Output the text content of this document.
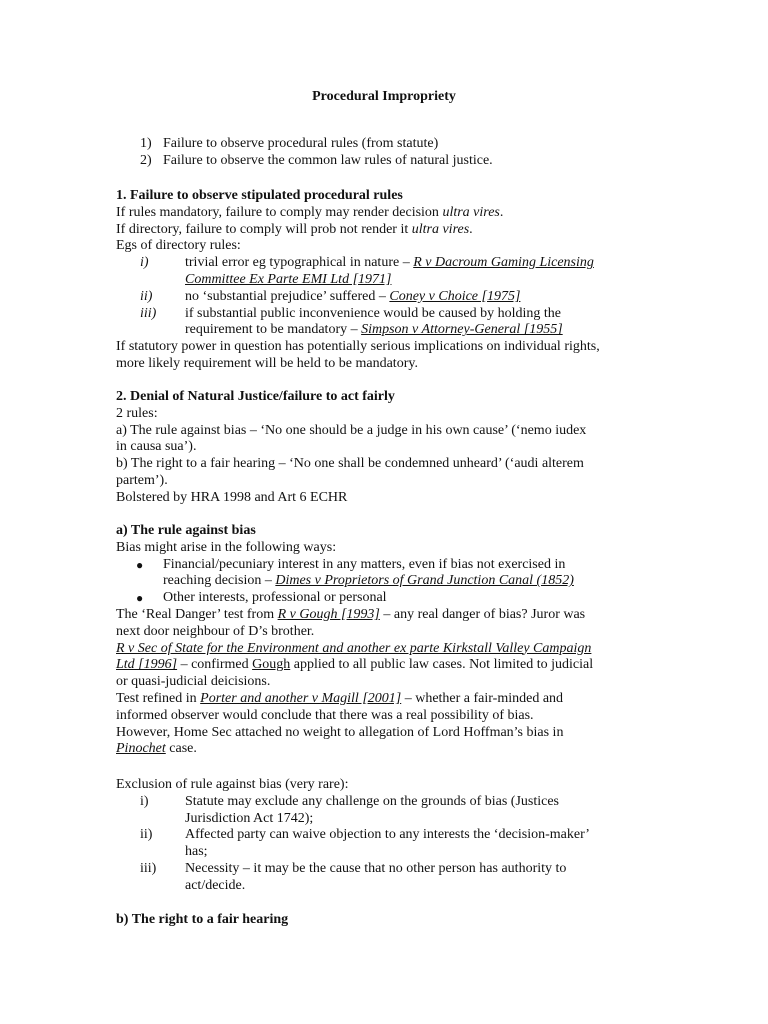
Procedural Impropriety
1) Failure to observe procedural rules (from statute)
2) Failure to observe the common law rules of natural justice.
1. Failure to observe stipulated procedural rules
If rules mandatory, failure to comply may render decision ultra vires.
If directory, failure to comply will prob not render it ultra vires.
Egs of directory rules:
i)	trivial error eg typographical in nature – R v Dacroum Gaming Licensing
Committee Ex Parte EMI Ltd [1971]
ii) no ‘substantial prejudice’ suffered – Coney v Choice [1975]
iii) if substantial public inconvenience would be caused by holding the
requirement to be mandatory – Simpson v Attorney-General [1955]
If statutory power in question has potentially serious implications on individual rights,
more likely requirement will be held to be mandatory.
2. Denial of Natural Justice/failure to act fairly
2 rules:
a) The rule against bias – ‘No one should be a judge in his own cause’ (‘nemo iudex
in causa sua’).
b) The right to a fair hearing – ‘No one shall be condemned unheard’ (‘audi alterem
partem’).
Bolstered by HRA 1998 and Art 6 ECHR
a) The rule against bias
Bias might arise in the following ways:
● Financial/pecuniary interest in any matters, even if bias not exercised in
reaching decision – Dimes v Proprietors of Grand Junction Canal (1852)
● Other interests, professional or personal
The ‘Real Danger’ test from R v Gough [1993] – any real danger of bias? Juror was
next door neighbour of D’s brother.
R v Sec of State for the Environment and another ex parte Kirkstall Valley Campaign
Ltd [1996] – confirmed Gough applied to all public law cases. Not limited to judicial
or quasi-judicial deicisions.
Test refined in Porter and another v Magill [2001] – whether a fair-minded and
informed observer would conclude that there was a real possibility of bias.
However, Home Sec attached no weight to allegation of Lord Hoffman’s bias in
Pinochet case.
Exclusion of rule against bias (very rare):
i)	Statute may exclude any challenge on the grounds of bias (Justices
Jurisdiction Act 1742);
ii) Affected party can waive objection to any interests the ‘decision-maker’
has;
iii) Necessity – it may be the cause that no other person has authority to
act/decide.
b) The right to a fair hearing
